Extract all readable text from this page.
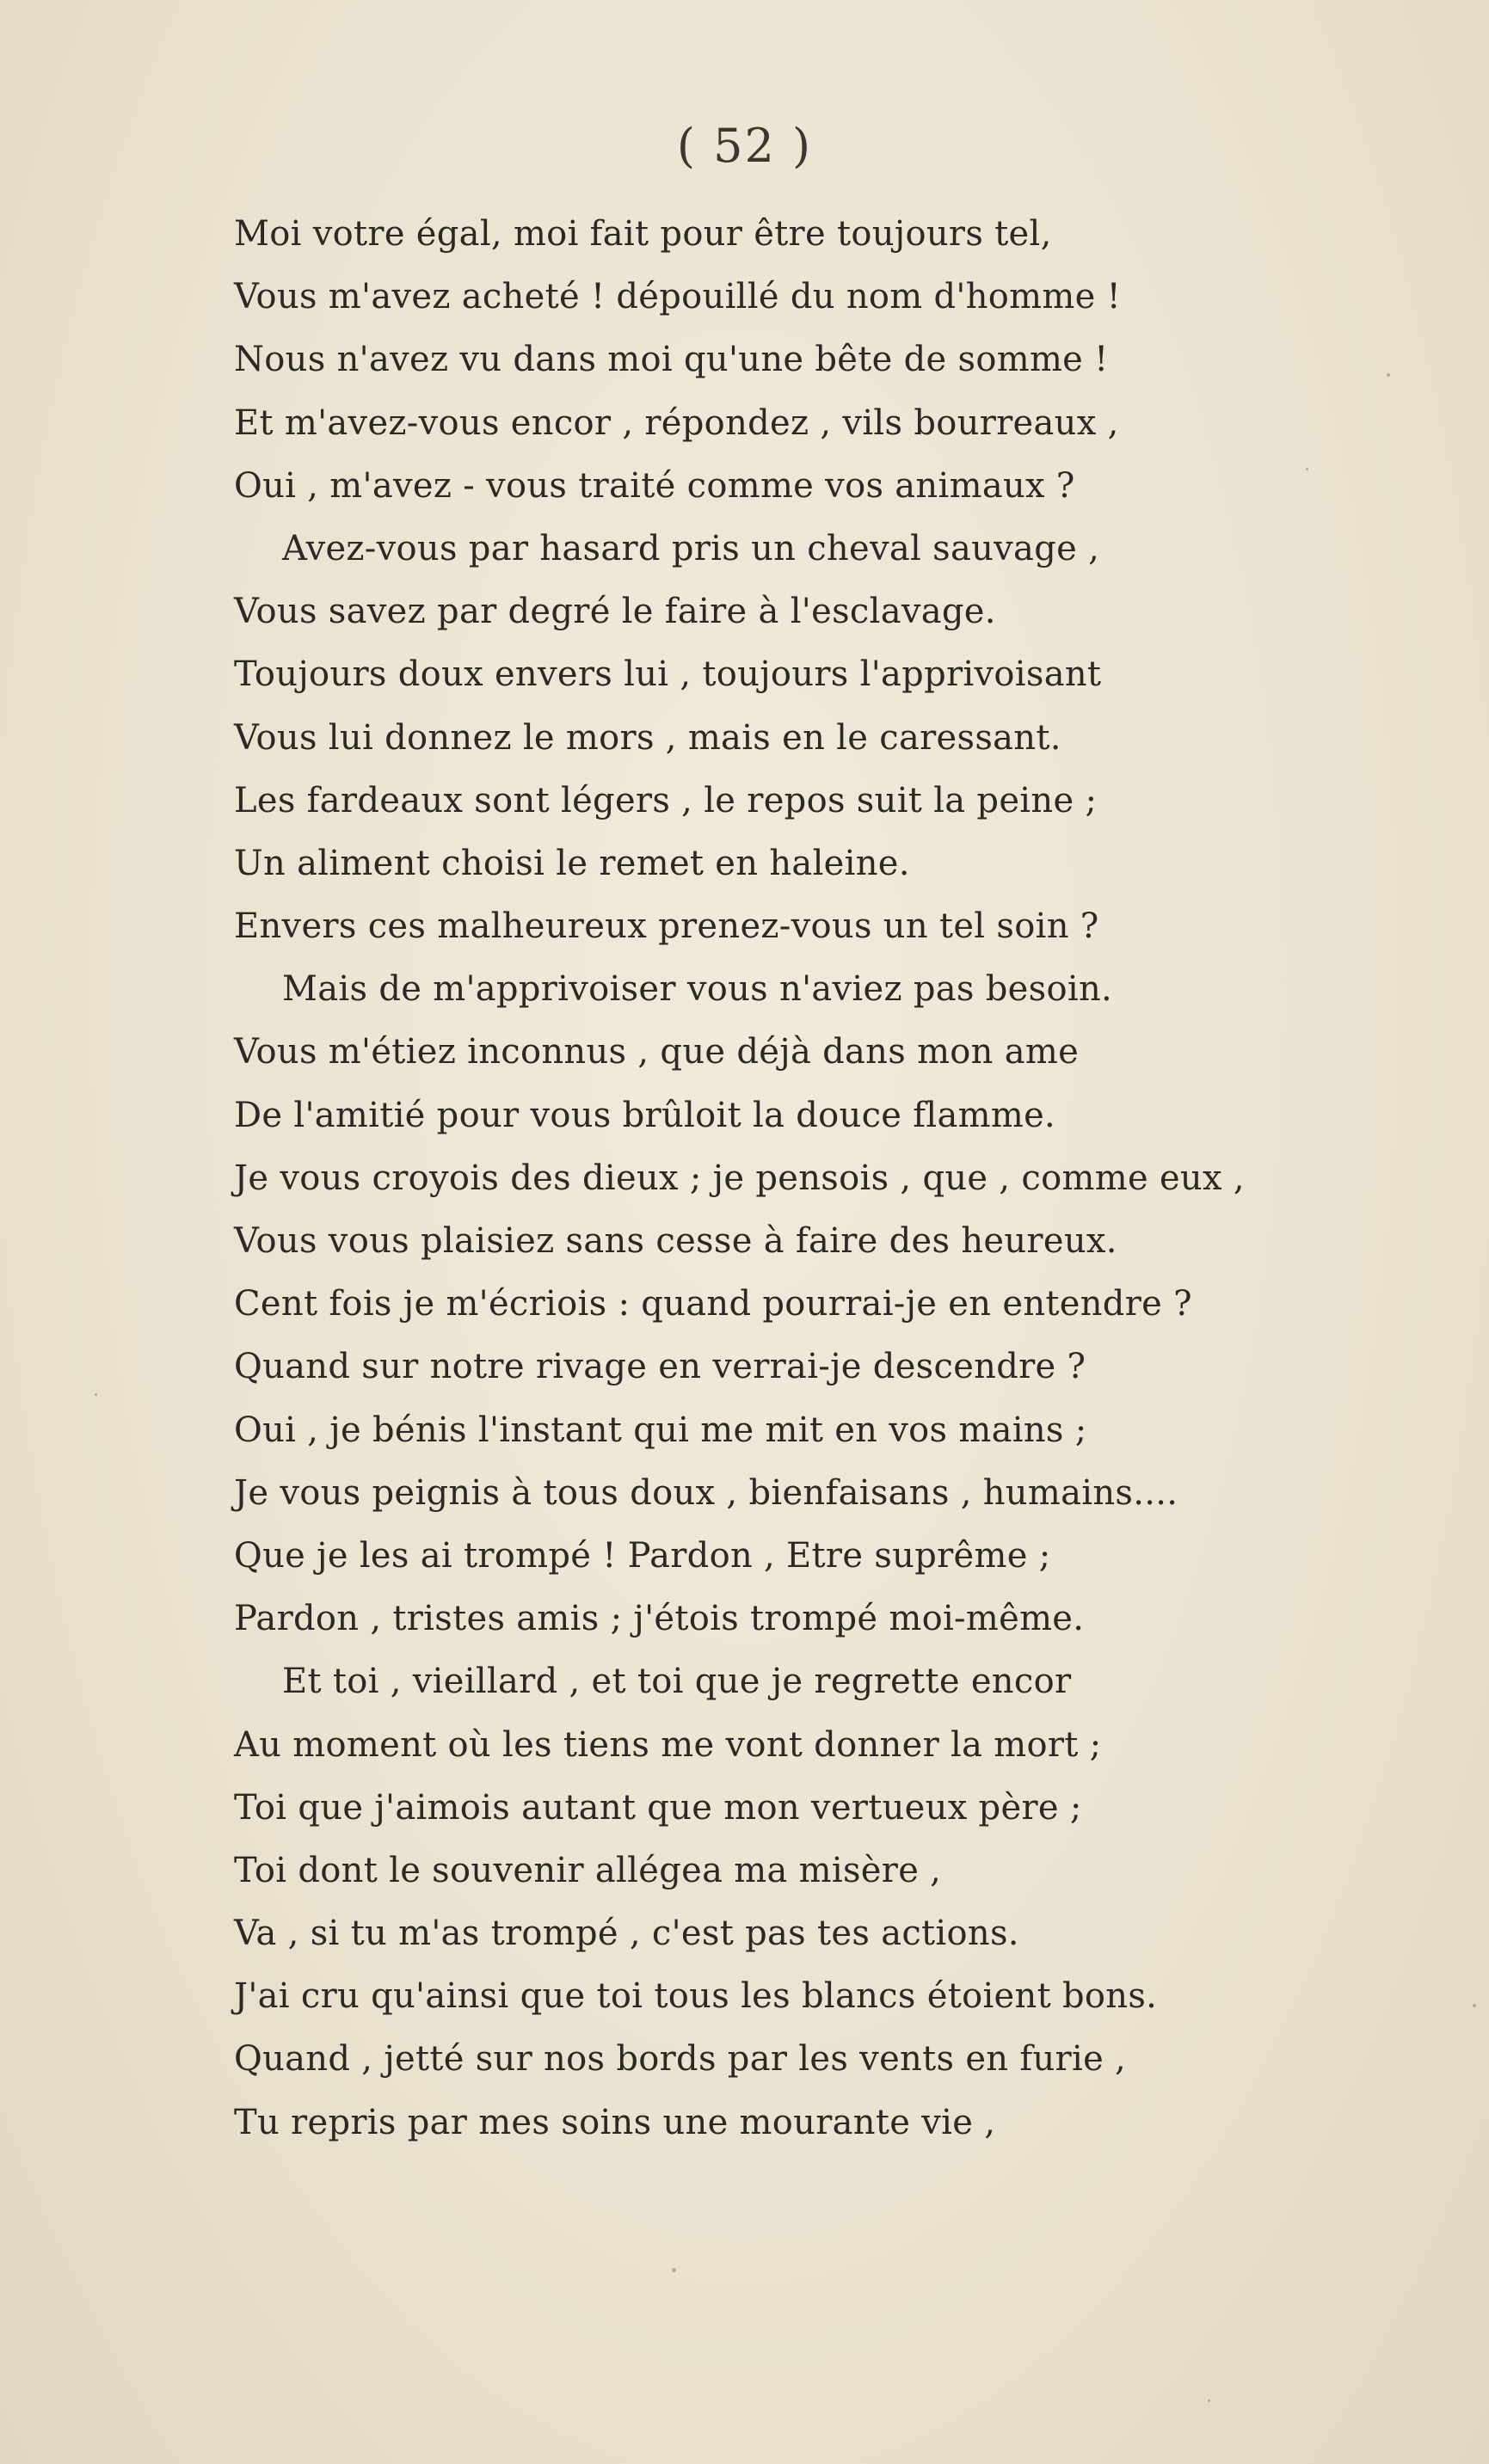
( 52 )
Moi votre égal, moi fait pour être toujours tel,
Vous m'avez acheté ! dépouillé du nom d'homme !
Nous n'avez vu dans moi qu'une bête de somme !
Et m'avez-vous encor , répondez , vils bourreaux ,
Oui , m'avez - vous traité comme vos animaux ?
Avez-vous par hasard pris un cheval sauvage ,
Vous savez par degré le faire à l'esclavage.
Toujours doux envers lui , toujours l'apprivoisant
Vous lui donnez le mors , mais en le caressant.
Les fardeaux sont légers , le repos suit la peine ;
Un aliment choisi le remet en haleine.
Envers ces malheureux prenez-vous un tel soin ?
Mais de m'apprivoiser vous n'aviez pas besoin.
Vous m'étiez inconnus , que déjà dans mon ame
De l'amitié pour vous brûloit la douce flamme.
Je vous croyois des dieux ; je pensois , que , comme eux ,
Vous vous plaisiez sans cesse à faire des heureux.
Cent fois je m'écriois : quand pourrai-je en entendre ?
Quand sur notre rivage en verrai-je descendre ?
Oui , je bénis l'instant qui me mit en vos mains ;
Je vous peignis à tous doux , bienfaisans , humains....
Que je les ai trompé ! Pardon , Etre suprême ;
Pardon , tristes amis ; j'étois trompé moi-même.
Et toi , vieillard , et toi que je regrette encor
Au moment où les tiens me vont donner la mort ;
Toi que j'aimois autant que mon vertueux père ;
Toi dont le souvenir allégea ma misère ,
Va , si tu m'as trompé , c'est pas tes actions.
J'ai cru qu'ainsi que toi tous les blancs étoient bons.
Quand , jetté sur nos bords par les vents en furie ,
Tu repris par mes soins une mourante vie ,
